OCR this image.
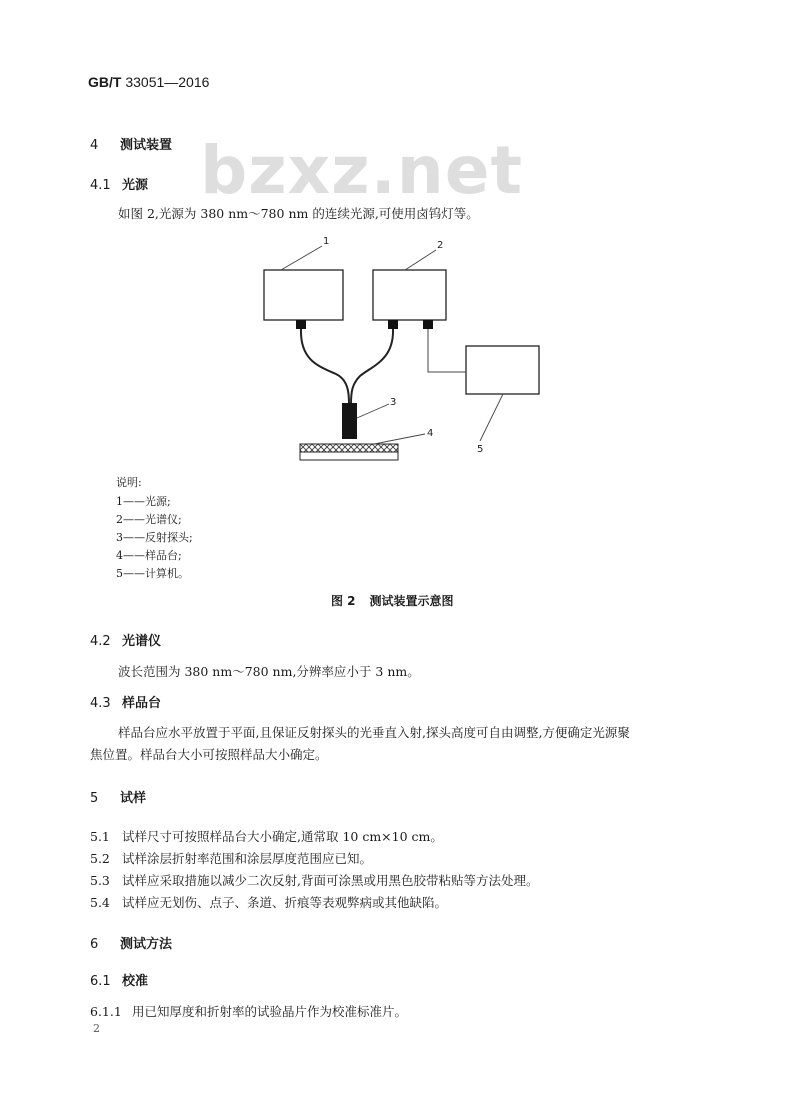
GB/T 33051—2016
bzxz.net
4 测试装置
4.1 光源
如图 2,光源为 380 nm～780 nm 的连续光源,可使用卤钨灯等。
1	2
3
4
5
说明:
1——光源;
2——光谱仪;
3——反射探头;
4——样品台;
5——计算机。
图 2 测试装置示意图
4.2 光谱仪
波长范围为 380 nm～780 nm,分辨率应小于 3 nm。
4.3 样品台
样品台应水平放置于平面,且保证反射探头的光垂直入射,探头高度可自由调整,方便确定光源聚
焦位置。样品台大小可按照样品大小确定。
5 试样
5.1 试样尺寸可按照样品台大小确定,通常取 10 cm×10 cm。
5.2 试样涂层折射率范围和涂层厚度范围应已知。
5.3 试样应采取措施以减少二次反射,背面可涂黑或用黑色胶带粘贴等方法处理。
5.4 试样应无划伤、点子、条道、折痕等表观弊病或其他缺陷。
6 测试方法
6.1 校准
6.1.1 用已知厚度和折射率的试验晶片作为校准标准片。
2
